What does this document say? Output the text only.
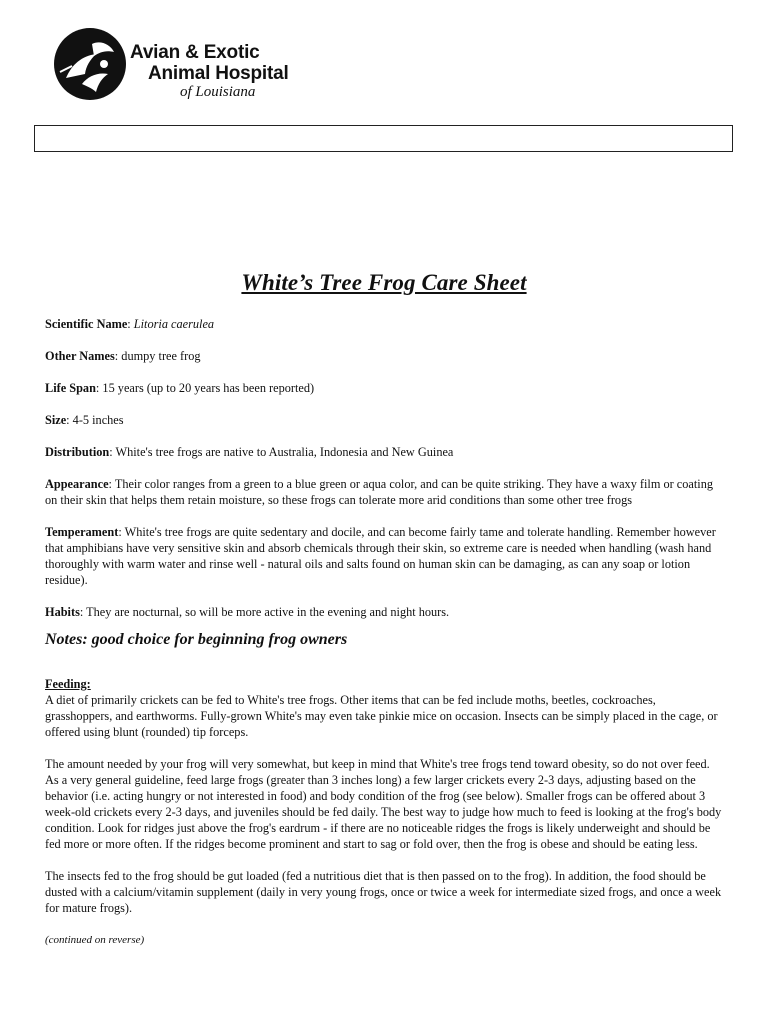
Avian & Exotic
Animal Hospital
of Louisiana
White’s Tree Frog Care Sheet

Scientific Name: Litoria caerulea

Other Names: dumpy tree frog

Life Span: 15 years (up to 20 years has been reported)

Size: 4-5 inches

Distribution: White's tree frogs are native to Australia, Indonesia and New Guinea

Appearance: Their color ranges from a green to a blue green or aqua color, and can be quite striking. They have a waxy film or coating on their skin that helps them retain moisture, so these frogs can tolerate more arid conditions than some other tree frogs

Temperament: White's tree frogs are quite sedentary and docile, and can become fairly tame and tolerate handling. Remember however that amphibians have very sensitive skin and absorb chemicals through their skin, so extreme care is needed when handling (wash hand thoroughly with warm water and rinse well - natural oils and salts found on human skin can be damaging, as can any soap or lotion residue).

Habits: They are nocturnal, so will be more active in the evening and night hours.

Notes: good choice for beginning frog owners

Feeding:
A diet of primarily crickets can be fed to White's tree frogs. Other items that can be fed include moths, beetles, cockroaches, grasshoppers, and earthworms. Fully-grown White's may even take pinkie mice on occasion. Insects can be simply placed in the cage, or offered using blunt (rounded) tip forceps.

The amount needed by your frog will very somewhat, but keep in mind that White's tree frogs tend toward obesity, so do not over feed. As a very general guideline, feed large frogs (greater than 3 inches long) a few larger crickets every 2-3 days, adjusting based on the behavior (i.e. acting hungry or not interested in food) and body condition of the frog (see below). Smaller frogs can be offered about 3 week-old crickets every 2-3 days, and juveniles should be fed daily. The best way to judge how much to feed is looking at the frog's body condition. Look for ridges just above the frog's eardrum - if there are no noticeable ridges the frogs is likely underweight and should be fed more or more often. If the ridges become prominent and start to sag or fold over, then the frog is obese and should be eating less.

The insects fed to the frog should be gut loaded (fed a nutritious diet that is then passed on to the frog). In addition, the food should be dusted with a calcium/vitamin supplement (daily in very young frogs, once or twice a week for intermediate sized frogs, and once a week for mature frogs).

(continued on reverse)
